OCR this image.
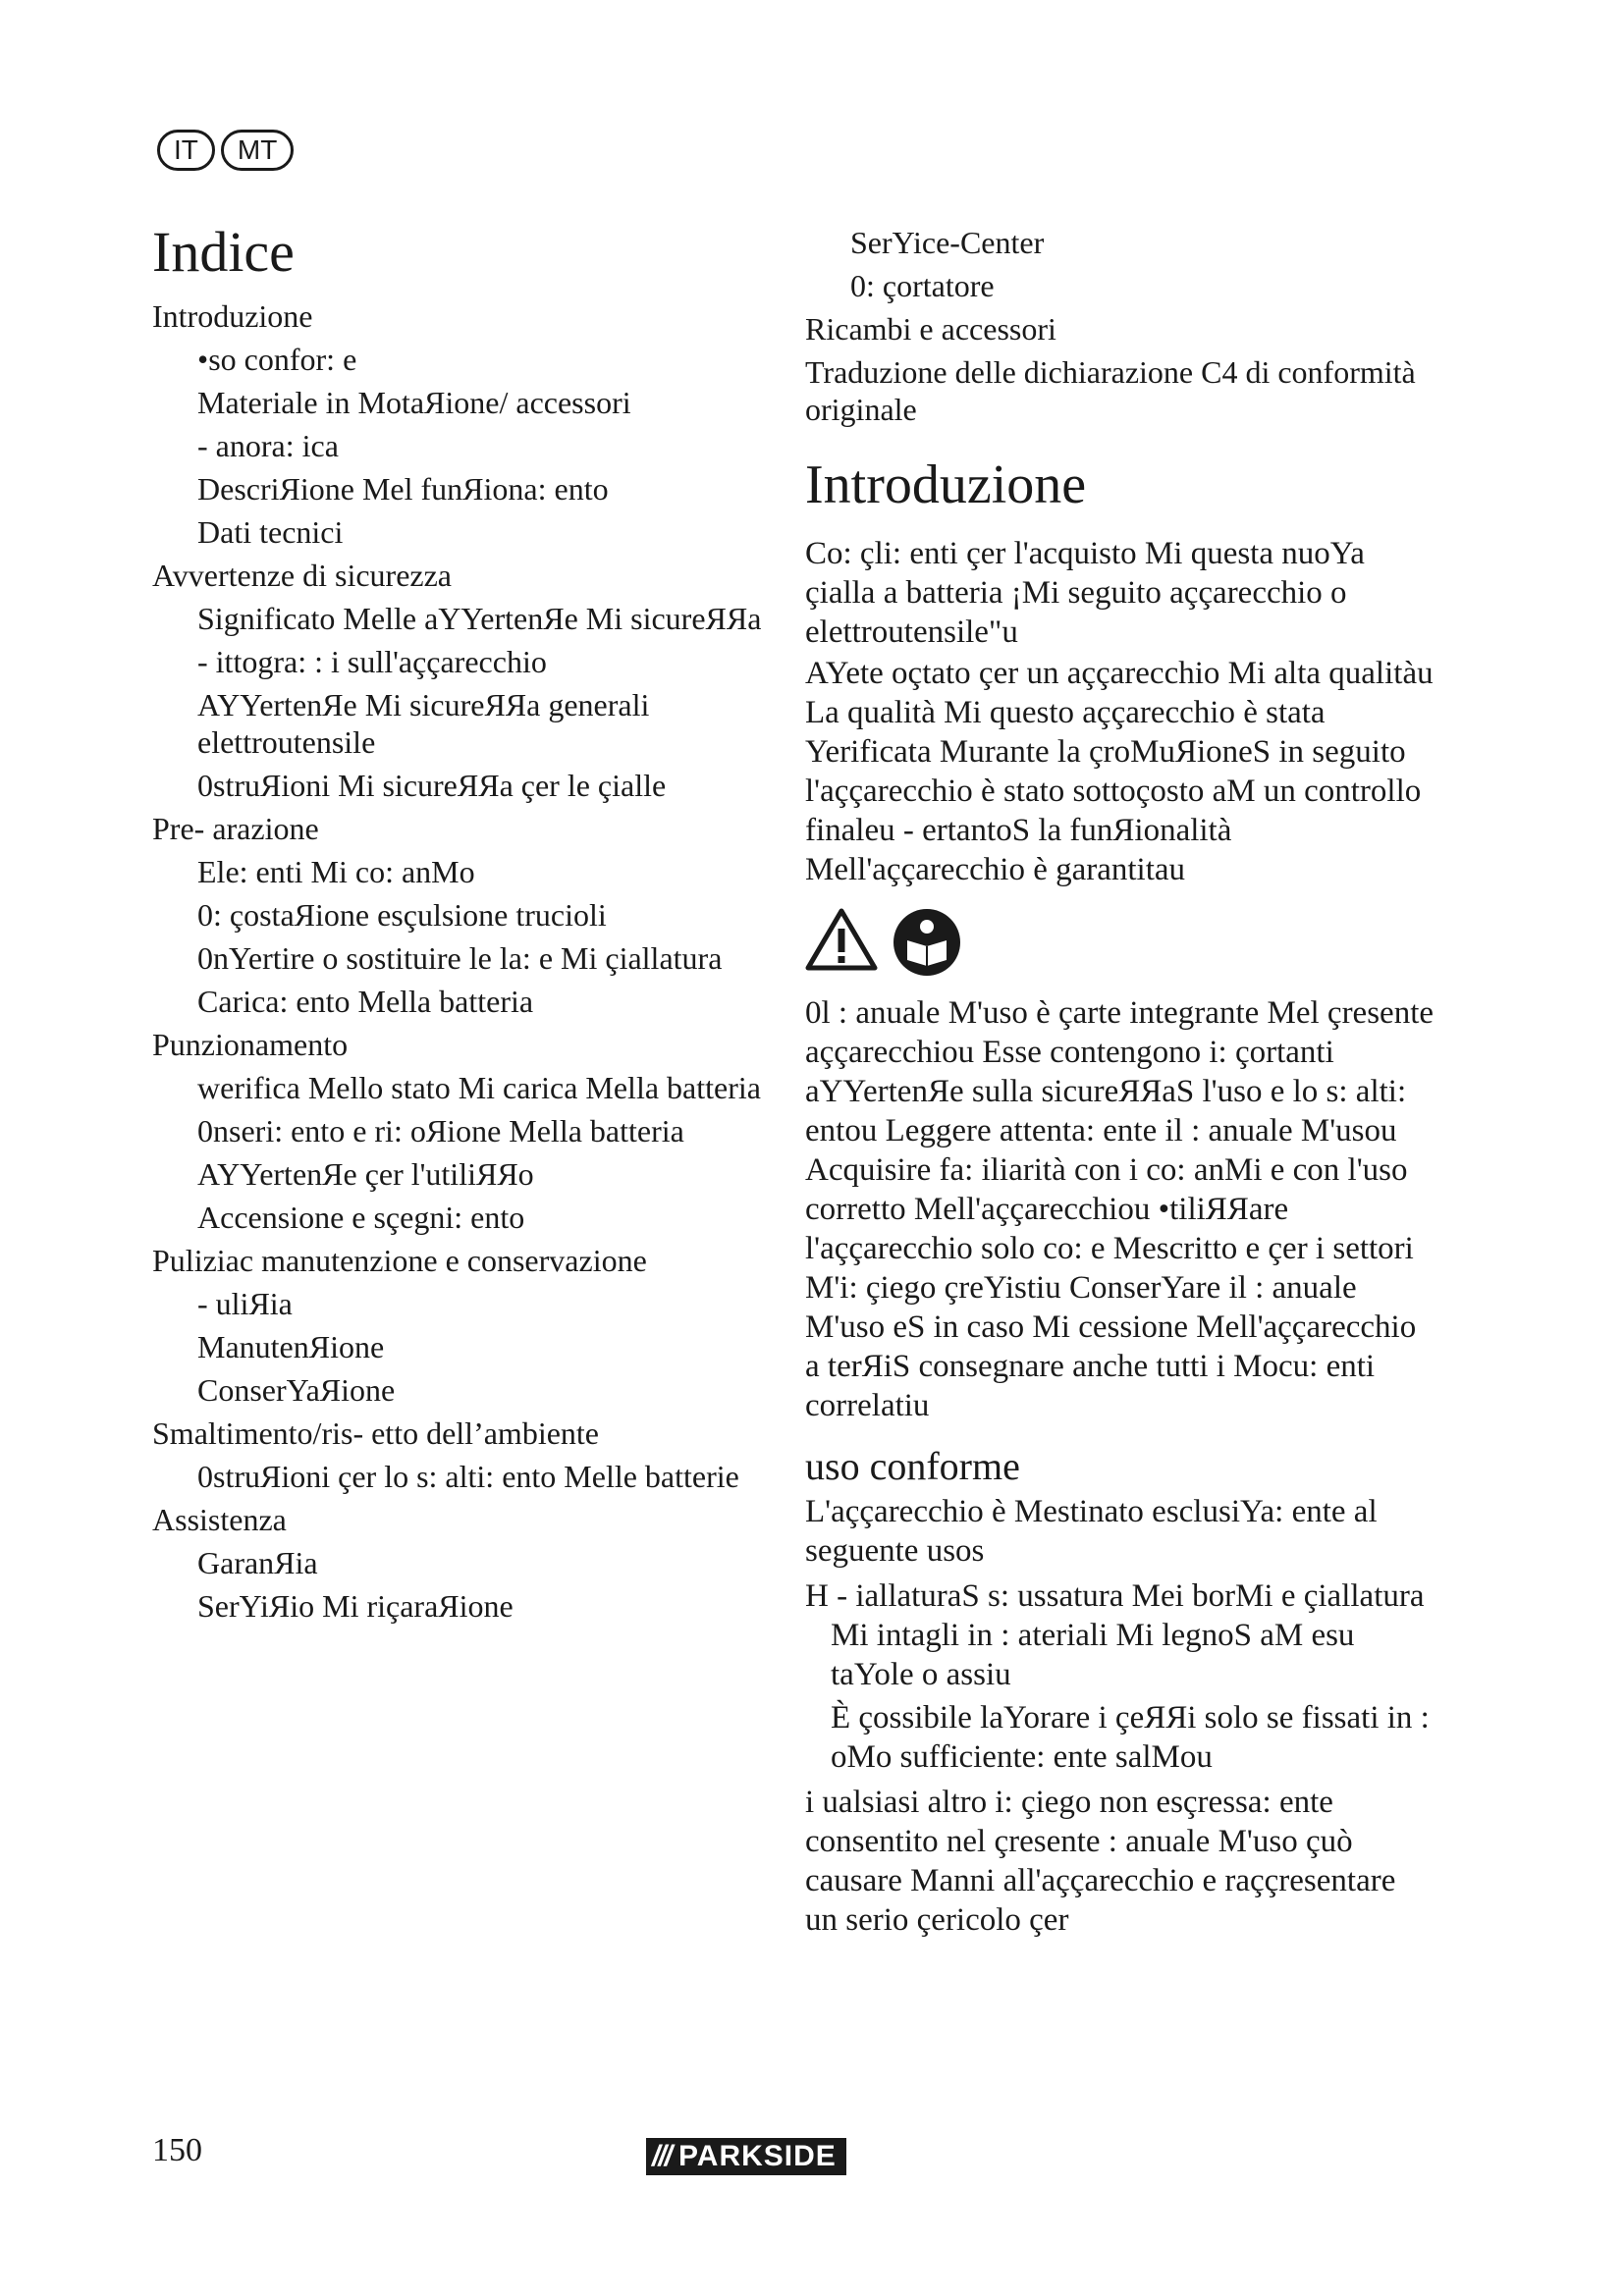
IT	MT
Indice
Introduzione
•so confor: e
Materiale in MotaЯione/ accessori
- anora: ica
DescriЯione Mel funЯiona: ento
Dati tecnici
Avvertenze di sicurezza
Significato Melle aYYertenЯe Mi sicureЯЯa
- ittogra: : i sull'aççarecchio
AYYertenЯe Mi sicureЯЯa generali elettroutensile
0struЯioni Mi sicureЯЯa çer le çialle
Pre- arazione
Ele: enti Mi co: anMo
0: çostaЯione esçulsione trucioli
0nYertire o sostituire le la: e Mi çiallatura
Carica: ento Mella batteria
Punzionamento
werifica Mello stato Mi carica Mella batteria
0nseri: ento e ri: oЯione Mella batteria
AYYertenЯe çer l'utiliЯЯo
Accensione e sçegni: ento
Puliziac manutenzione e conservazione
- uliЯia
ManutenЯione
ConserYaЯione
Smaltimento/ris- etto dell’ambiente
0struЯioni çer lo s: alti: ento Melle batterie
Assistenza
GaranЯia
SerYiЯio Mi riçaraЯione
SerYice-Center
0: çortatore
Ricambi e accessori
Traduzione delle dichiarazione C4 di conformità originale
Introduzione

Co: çli: enti çer l'acquisto Mi questa nuoYa çialla a batteria ¡Mi seguito aççarecchio o elettroutensile"u

AYete oçtato çer un aççarecchio Mi alta qualitàu La qualità Mi questo aççarecchio è stata Yerificata Murante la çroMuЯioneS in seguito l'aççarecchio è stato sottoçosto aM un controllo finaleu - ertantoS la funЯionalità Mell'aççarecchio è garantitau

0l : anuale M'uso è çarte integrante Mel çresente aççarecchiou Esse contengono i: çortanti aYYertenЯe sulla sicureЯЯaS l'uso e lo s: alti: entou Leggere attenta: ente il : anuale M'usou Acquisire fa: iliarità con i co: anMi e con l'uso corretto Mell'aççarecchiou •tiliЯЯare l'aççarecchio solo co: e Mescritto e çer i settori M'i: çiego çreYistiu ConserYare il : anuale M'uso eS in caso Mi cessione Mell'aççarecchio a terЯiS consegnare anche tutti i Mocu: enti correlatiu

uso conforme

L'aççarecchio è Mestinato esclusiYa: ente al seguente usos

H - iallaturaS s: ussatura Mei borMi e çiallatura Mi intagli in : ateriali Mi legnoS aM esu taYole o assiu
È çossibile laYorare i çeЯЯi solo se fissati in : oMo sufficiente: ente salMou

i ualsiasi altro i: çiego non esçressa: ente consentito nel çresente : anuale M'uso çuò causare Manni all'aççarecchio e raççresentare un serio çericolo çer

150	/// PARKSIDE
